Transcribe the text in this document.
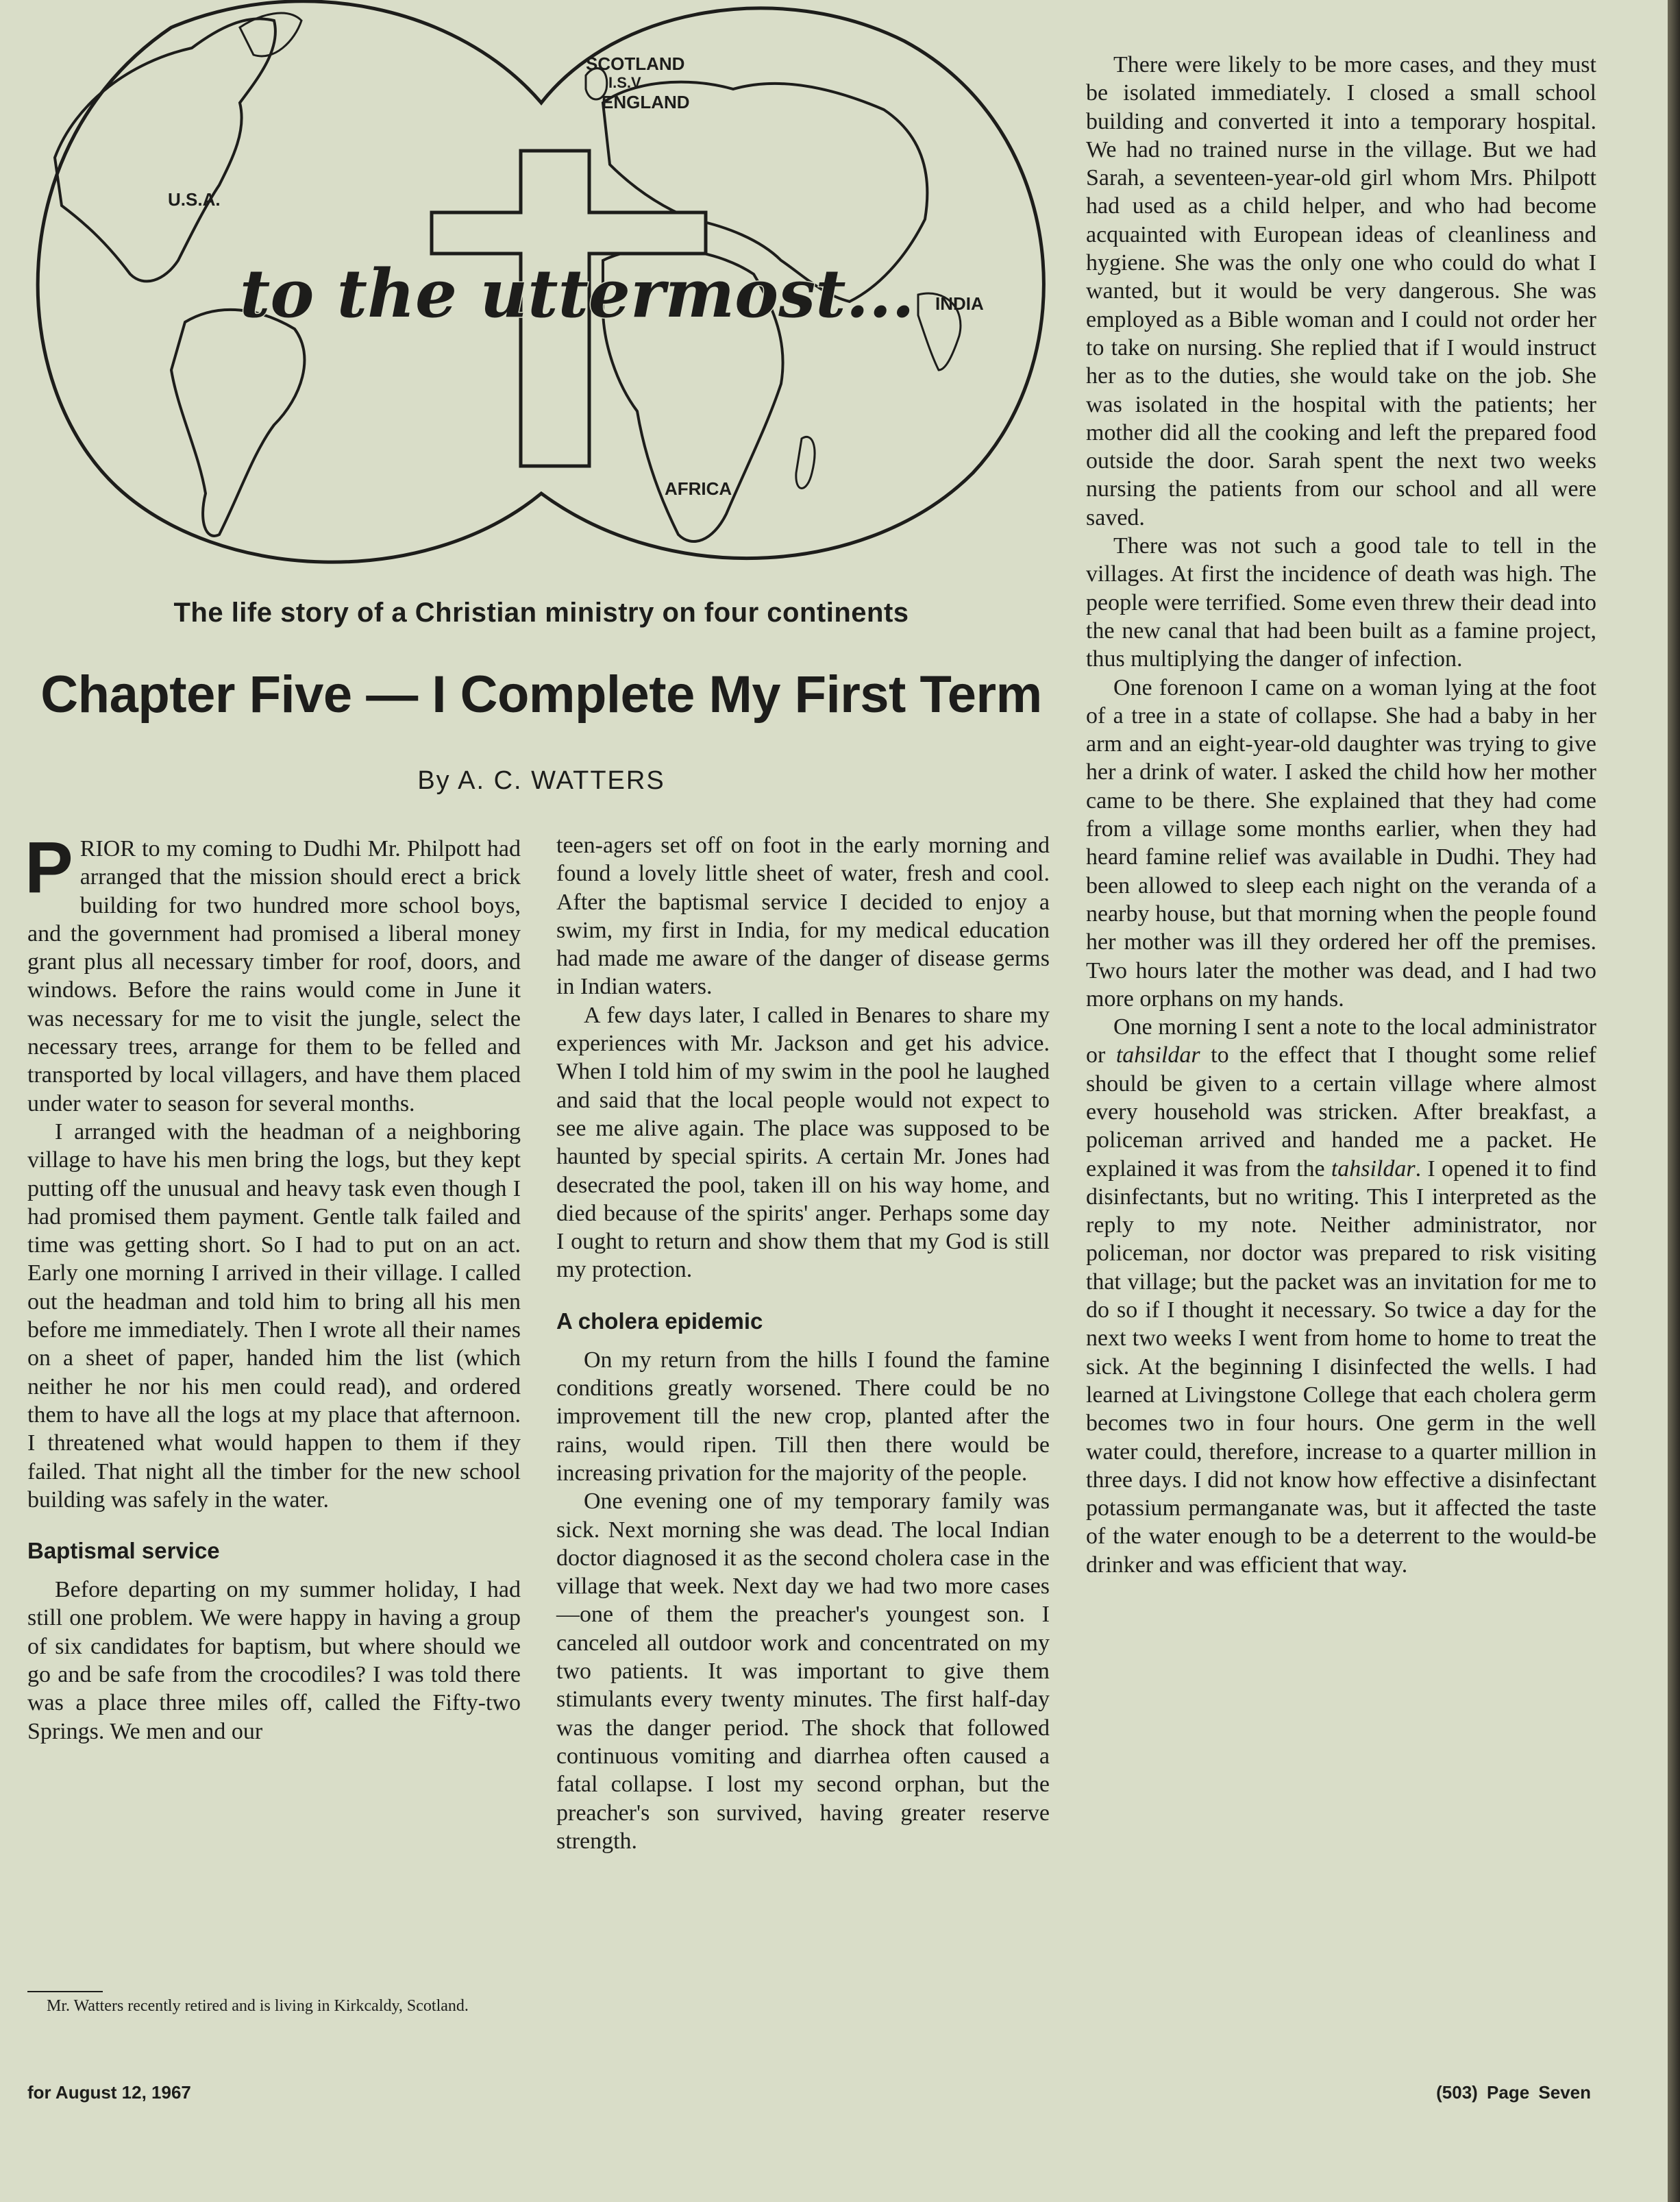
U.S.A.
SCOTLAND
I.S.V
ENGLAND
INDIA
AFRICA
to the uttermost...
The life story of a Christian ministry on four continents
Chapter Five — I Complete My First Term
By A. C. WATTERS

PRIOR to my coming to Dudhi Mr. Philpott had arranged that the mission should erect a brick building for two hundred more school boys, and the government had promised a liberal money grant plus all necessary timber for roof, doors, and windows. Before the rains would come in June it was necessary for me to visit the jungle, select the necessary trees, arrange for them to be felled and transported by local villagers, and have them placed under water to season for several months.

I arranged with the headman of a neighboring village to have his men bring the logs, but they kept putting off the unusual and heavy task even though I had promised them payment. Gentle talk failed and time was getting short. So I had to put on an act. Early one morning I arrived in their village. I called out the headman and told him to bring all his men before me immediately. Then I wrote all their names on a sheet of paper, handed him the list (which neither he nor his men could read), and ordered them to have all the logs at my place that afternoon. I threatened what would happen to them if they failed. That night all the timber for the new school building was safely in the water.

Baptismal service

Before departing on my summer holiday, I had still one problem. We were happy in having a group of six candidates for baptism, but where should we go and be safe from the crocodiles? I was told there was a place three miles off, called the Fifty-two Springs. We men and our

Mr. Watters recently retired and is living in Kirkcaldy, Scotland.

teen-agers set off on foot in the early morning and found a lovely little sheet of water, fresh and cool. After the baptismal service I decided to enjoy a swim, my first in India, for my medical education had made me aware of the danger of disease germs in Indian waters.

A few days later, I called in Benares to share my experiences with Mr. Jackson and get his advice. When I told him of my swim in the pool he laughed and said that the local people would not expect to see me alive again. The place was supposed to be haunted by special spirits. A certain Mr. Jones had desecrated the pool, taken ill on his way home, and died because of the spirits' anger. Perhaps some day I ought to return and show them that my God is still my protection.

A cholera epidemic

On my return from the hills I found the famine conditions greatly worsened. There could be no improvement till the new crop, planted after the rains, would ripen. Till then there would be increasing privation for the majority of the people.

One evening one of my temporary family was sick. Next morning she was dead. The local Indian doctor diagnosed it as the second cholera case in the village that week. Next day we had two more cases —one of them the preacher's youngest son. I canceled all outdoor work and concentrated on my two patients. It was important to give them stimulants every twenty minutes. The first half-day was the danger period. The shock that followed continuous vomiting and diarrhea often caused a fatal collapse. I lost my second orphan, but the preacher's son survived, having greater reserve strength.

There were likely to be more cases, and they must be isolated immediately. I closed a small school building and converted it into a temporary hospital. We had no trained nurse in the village. But we had Sarah, a seventeen-year-old girl whom Mrs. Philpott had used as a child helper, and who had become acquainted with European ideas of cleanliness and hygiene. She was the only one who could do what I wanted, but it would be very dangerous. She was employed as a Bible woman and I could not order her to take on nursing. She replied that if I would instruct her as to the duties, she would take on the job. She was isolated in the hospital with the patients; her mother did all the cooking and left the prepared food outside the door. Sarah spent the next two weeks nursing the patients from our school and all were saved.

There was not such a good tale to tell in the villages. At first the incidence of death was high. The people were terrified. Some even threw their dead into the new canal that had been built as a famine project, thus multiplying the danger of infection.

One forenoon I came on a woman lying at the foot of a tree in a state of collapse. She had a baby in her arm and an eight-year-old daughter was trying to give her a drink of water. I asked the child how her mother came to be there. She explained that they had come from a village some months earlier, when they had heard famine relief was available in Dudhi. They had been allowed to sleep each night on the veranda of a nearby house, but that morning when the people found her mother was ill they ordered her off the premises. Two hours later the mother was dead, and I had two more orphans on my hands.

One morning I sent a note to the local administrator or tahsildar to the effect that I thought some relief should be given to a certain village where almost every household was stricken. After breakfast, a policeman arrived and handed me a packet. He explained it was from the tahsildar. I opened it to find disinfectants, but no writing. This I interpreted as the reply to my note. Neither administrator, nor policeman, nor doctor was prepared to risk visiting that village; but the packet was an invitation for me to do so if I thought it necessary. So twice a day for the next two weeks I went from home to home to treat the sick. At the beginning I disinfected the wells. I had learned at Livingstone College that each cholera germ becomes two in four hours. One germ in the well water could, therefore, increase to a quarter million in three days. I did not know how effective a disinfectant potassium permanganate was, but it affected the taste of the water enough to be a deterrent to the would-be drinker and was efficient that way.

for August 12, 1967	(503) Page Seven
